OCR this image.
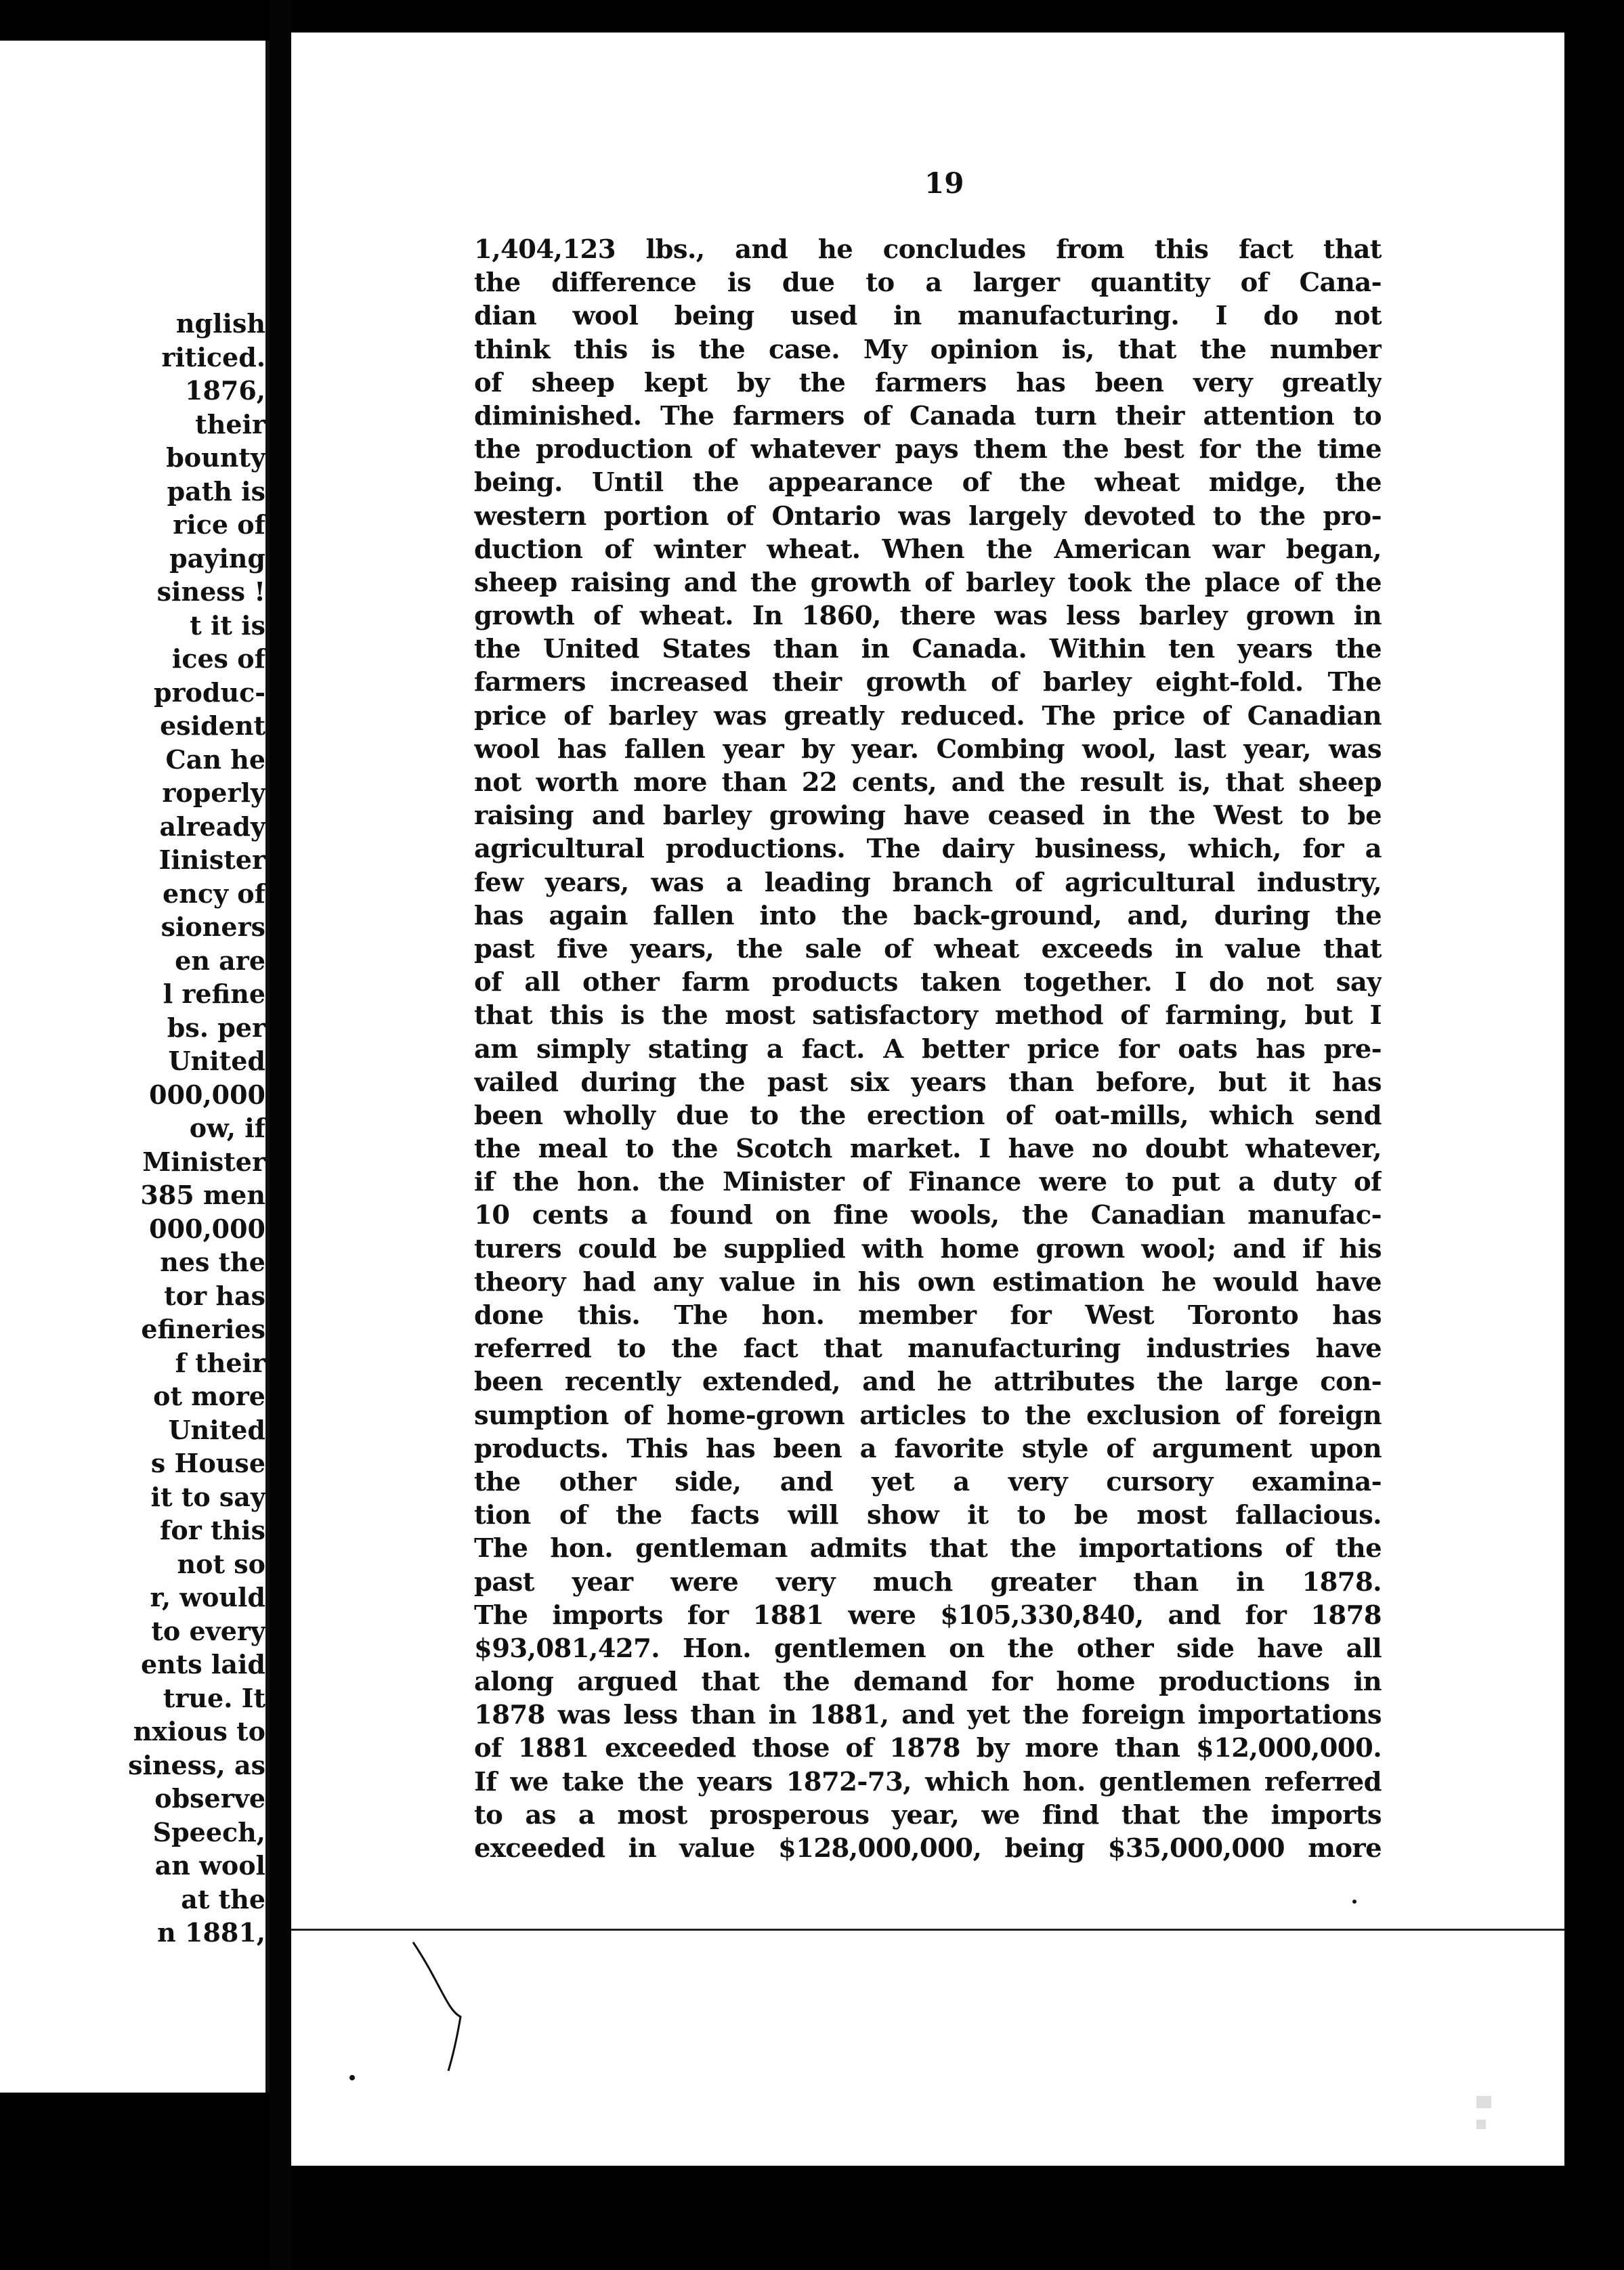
nglish
riticed.
1876,
their
bounty
path is
rice of
paying
siness !
t it is
ices of
produc-
esident
Can he
roperly
already
Iinister
ency of
sioners
en are
l refine
bs. per
United
000,000
ow, if
Minister
385 men
000,000
nes the
tor has
efineries
f their
ot more
United
s House
it to say
for this
not so
r, would
to every
ents laid
true. It
nxious to
siness, as
observe
Speech,
an wool
at the
n 1881,
19
1,404,123 lbs., and he concludes from this fact that
the difference is due to a larger quantity of Cana-
dian wool being used in manufacturing. I do not
think this is the case. My opinion is, that the number
of sheep kept by the farmers has been very greatly
diminished. The farmers of Canada turn their attention to
the production of whatever pays them the best for the time
being. Until the appearance of the wheat midge, the
western portion of Ontario was largely devoted to the pro-
duction of winter wheat. When the American war began,
sheep raising and the growth of barley took the place of the
growth of wheat. In 1860, there was less barley grown in
the United States than in Canada. Within ten years the
farmers increased their growth of barley eight-fold. The
price of barley was greatly reduced. The price of Canadian
wool has fallen year by year. Combing wool, last year, was
not worth more than 22 cents, and the result is, that sheep
raising and barley growing have ceased in the West to be
agricultural productions. The dairy business, which, for a
few years, was a leading branch of agricultural industry,
has again fallen into the back-ground, and, during the
past five years, the sale of wheat exceeds in value that
of all other farm products taken together. I do not say
that this is the most satisfactory method of farming, but I
am simply stating a fact. A better price for oats has pre-
vailed during the past six years than before, but it has
been wholly due to the erection of oat-mills, which send
the meal to the Scotch market. I have no doubt whatever,
if the hon. the Minister of Finance were to put a duty of
10 cents a found on fine wools, the Canadian manufac-
turers could be supplied with home grown wool; and if his
theory had any value in his own estimation he would have
done this. The hon. member for West Toronto has
referred to the fact that manufacturing industries have
been recently extended, and he attributes the large con-
sumption of home-grown articles to the exclusion of foreign
products. This has been a favorite style of argument upon
the other side, and yet a very cursory examina-
tion of the facts will show it to be most fallacious.
The hon. gentleman admits that the importations of the
past year were very much greater than in 1878.
The imports for 1881 were $105,330,840, and for 1878
$93,081,427. Hon. gentlemen on the other side have all
along argued that the demand for home productions in
1878 was less than in 1881, and yet the foreign importations
of 1881 exceeded those of 1878 by more than $12,000,000.
If we take the years 1872-73, which hon. gentlemen referred
to as a most prosperous year, we find that the imports
exceeded in value $128,000,000, being $35,000,000 more
